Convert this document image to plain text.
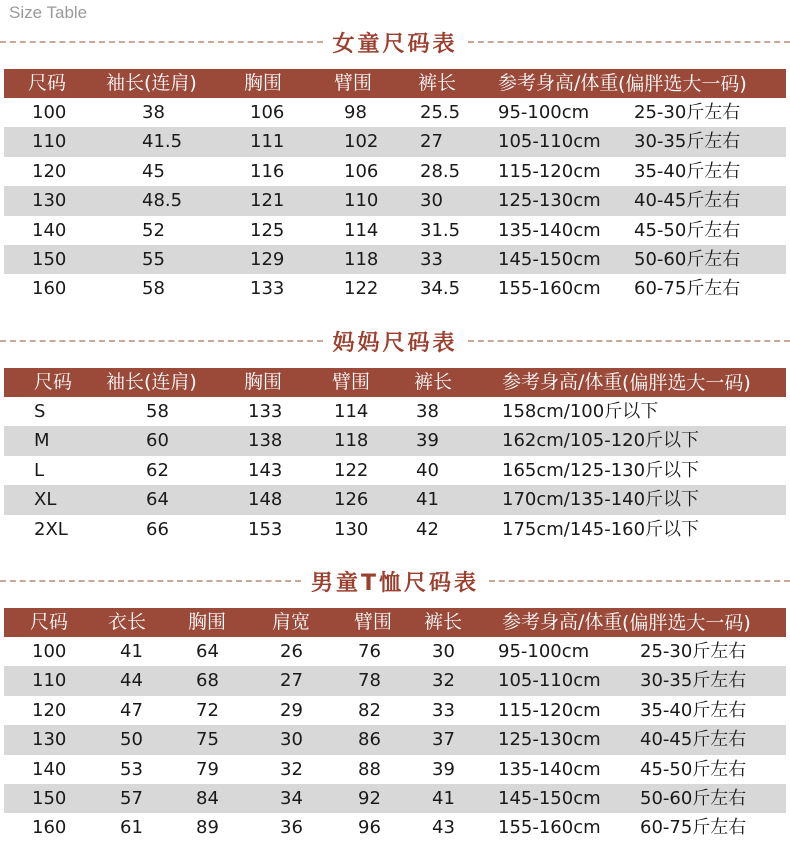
Size Table
女童尺码表
尺码 袖长(连肩) 胸围	臂围 裤长 参考身高/体重 (偏胖选大一码)
100	38	106	98	25.5 95-100cm 25-30斤左右
110	41.5	111	102 27	105-110cm 30-35斤左右
120	45	116	106 28.5 115-120cm 35-40斤左右
130	48.5	121	110 30	125-130cm 40-45斤左右
140	52	125	114 31.5 135-140cm 45-50斤左右
150	55	129	118 33	145-150cm 50-60斤左右
160	58	133	122 34.5 155-160cm 60-75斤左右
妈妈尺码表
尺码 袖长(连肩) 胸围	臂围 裤长	参考身高/体重 (偏胖选大一码)
S	58	133	114	38	158cm/100斤以下
M	60	138	118	39	162cm/105-120斤以下
L	62	143	122	40	165cm/125-130斤以下
XL	64	148	126	41	170cm/135-140斤以下
2XL	66	153	130	42	175cm/145-160斤以下
男童T恤尺码表
尺码 衣长 胸围 肩宽 臂围 裤长 参考身高/体重 (偏胖选大一码)
100	41	64	26	76	30 95-100cm	25-30斤左右
110	44	68	27	78	32 105-110cm 30-35斤左右
120	47	72	29	82	33 115-120cm 35-40斤左右
130	50	75	30	86	37 125-130cm 40-45斤左右
140	53	79	32	88	39 135-140cm 45-50斤左右
150	57	84	34	92	41 145-150cm 50-60斤左右
160	61	89	36	96	43 155-160cm 60-75斤左右
